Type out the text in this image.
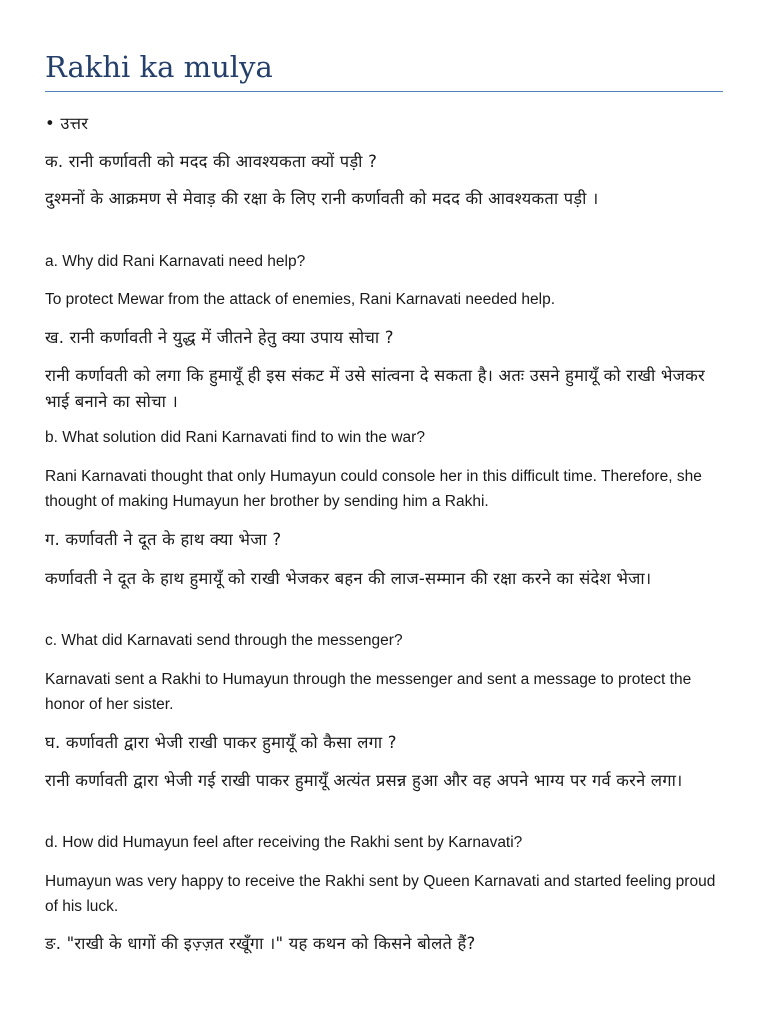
Rakhi ka mulya

• उत्तर

क. रानी कर्णावती को मदद की आवश्यकता क्यों पड़ी ?

दुश्मनों के आक्रमण से मेवाड़ की रक्षा के लिए रानी कर्णावती को मदद की आवश्यकता पड़ी ।

a. Why did Rani Karnavati need help?

To protect Mewar from the attack of enemies, Rani Karnavati needed help.

ख. रानी कर्णावती ने युद्ध में जीतने हेतु क्या उपाय सोचा ?

रानी कर्णावती को लगा कि हुमायूँ ही इस संकट में उसे सांत्वना दे सकता है। अतः उसने हुमायूँ को राखी भेजकर भाई बनाने का सोचा ।

b. What solution did Rani Karnavati find to win the war?

Rani Karnavati thought that only Humayun could console her in this difficult time. Therefore, she thought of making Humayun her brother by sending him a Rakhi.

ग. कर्णावती ने दूत के हाथ क्या भेजा ?

कर्णावती ने दूत के हाथ हुमायूँ को राखी भेजकर बहन की लाज-सम्मान की रक्षा करने का संदेश भेजा।

c. What did Karnavati send through the messenger?

Karnavati sent a Rakhi to Humayun through the messenger and sent a message to protect the honor of her sister.

घ. कर्णावती द्वारा भेजी राखी पाकर हुमायूँ को कैसा लगा ?

रानी कर्णावती द्वारा भेजी गई राखी पाकर हुमायूँ अत्यंत प्रसन्न हुआ और वह अपने भाग्य पर गर्व करने लगा।

d. How did Humayun feel after receiving the Rakhi sent by Karnavati?

Humayun was very happy to receive the Rakhi sent by Queen Karnavati and started feeling proud of his luck.

ङ. "राखी के धागों की इज़्ज़त रखूँगा ।" यह कथन को किसने बोलते हैं?
